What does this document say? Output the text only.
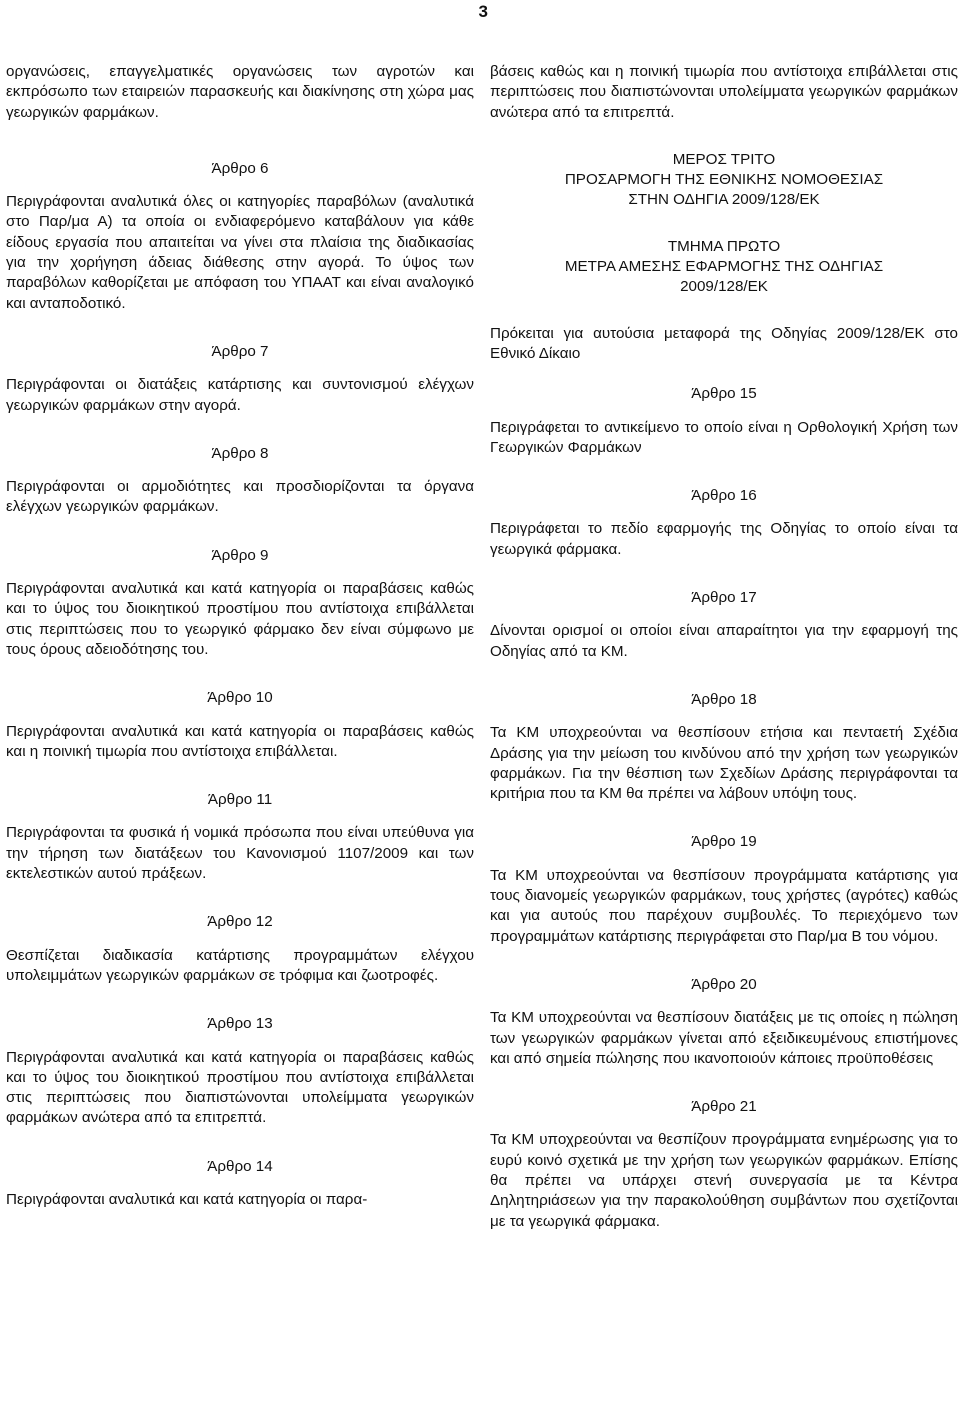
3

οργανώσεις, επαγγελματικές οργανώσεις των αγροτών και εκπρόσωπο των εταιρειών παρασκευής και διακίνησης στη χώρα μας γεωργικών φαρμάκων.

Άρθρο 6

Περιγράφονται αναλυτικά όλες οι κατηγορίες παραβόλων (αναλυτικά στο Παρ/μα Α) τα οποία οι ενδιαφερόμενο καταβάλουν για κάθε είδους εργασία που απαιτείται να γίνει στα πλαίσια της διαδικασίας για την χορήγηση άδειας διάθεσης στην αγορά. Το ύψος των παραβόλων καθορίζεται με απόφαση του ΥΠΑΑΤ και είναι αναλογικό και ανταποδοτικό.

Άρθρο 7

Περιγράφονται οι διατάξεις κατάρτισης και συντονισμού ελέγχων γεωργικών φαρμάκων στην αγορά.

Άρθρο 8

Περιγράφονται οι αρμοδιότητες και προσδιορίζονται τα όργανα ελέγχων γεωργικών φαρμάκων.

Άρθρο 9

Περιγράφονται αναλυτικά και κατά κατηγορία οι παραβάσεις καθώς και το ύψος του διοικητικού προστίμου που αντίστοιχα επιβάλλεται στις περιπτώσεις που το γεωργικό φάρμακο δεν είναι σύμφωνο με τους όρους αδειοδότησης του.

Άρθρο 10

Περιγράφονται αναλυτικά και κατά κατηγορία οι παραβάσεις καθώς και η ποινική τιμωρία που αντίστοιχα επιβάλλεται.

Άρθρο 11

Περιγράφονται τα φυσικά ή νομικά πρόσωπα που είναι υπεύθυνα για την τήρηση των διατάξεων του Κανονισμού 1107/2009 και των εκτελεστικών αυτού πράξεων.

Άρθρο 12

Θεσπίζεται διαδικασία κατάρτισης προγραμμάτων ελέγχου υπολειμμάτων γεωργικών φαρμάκων σε τρόφιμα και ζωοτροφές.

Άρθρο 13

Περιγράφονται αναλυτικά και κατά κατηγορία οι παραβάσεις καθώς και το ύψος του διοικητικού προστίμου που αντίστοιχα επιβάλλεται στις περιπτώσεις που διαπιστώνονται υπολείμματα γεωργικών φαρμάκων ανώτερα από τα επιτρεπτά.

Άρθρο 14

Περιγράφονται αναλυτικά και κατά κατηγορία οι παρα-

βάσεις καθώς και η ποινική τιμωρία που αντίστοιχα επιβάλλεται στις περιπτώσεις που διαπιστώνονται υπολείμματα γεωργικών φαρμάκων ανώτερα από τα επιτρεπτά.

ΜΕΡΟΣ ΤΡΙΤΟ
ΠΡΟΣΑΡΜΟΓΗ ΤΗΣ ΕΘΝΙΚΗΣ ΝΟΜΟΘΕΣΙΑΣ
ΣΤΗΝ ΟΔΗΓΙΑ 2009/128/ΕΚ
ΤΜΗΜΑ ΠΡΩΤΟ
ΜΕΤΡΑ ΑΜΕΣΗΣ ΕΦΑΡΜΟΓΗΣ ΤΗΣ ΟΔΗΓΙΑΣ
2009/128/ΕΚ

Πρόκειται για αυτούσια μεταφορά της Οδηγίας 2009/128/ΕΚ στο Εθνικό Δίκαιο

Άρθρο 15

Περιγράφεται το αντικείμενο το οποίο είναι η Ορθολογική Χρήση των Γεωργικών Φαρμάκων

Άρθρο 16

Περιγράφεται το πεδίο εφαρμογής της Οδηγίας το οποίο είναι τα γεωργικά φάρμακα.

Άρθρο 17

Δίνονται ορισμοί οι οποίοι είναι απαραίτητοι για την εφαρμογή της Οδηγίας από τα ΚΜ.

Άρθρο 18

Τα ΚΜ υποχρεούνται να θεσπίσουν ετήσια και πενταετή Σχέδια Δράσης για την μείωση του κινδύνου από την χρήση των γεωργικών φαρμάκων. Για την θέσπιση των Σχεδίων Δράσης περιγράφονται τα κριτήρια που τα ΚΜ θα πρέπει να λάβουν υπόψη τους.

Άρθρο 19

Τα ΚΜ υποχρεούνται να θεσπίσουν προγράμματα κατάρτισης για τους διανομείς γεωργικών φαρμάκων, τους χρήστες (αγρότες) καθώς και για αυτούς που παρέχουν συμβουλές. Το περιεχόμενο των προγραμμάτων κατάρτισης περιγράφεται στο Παρ/μα Β του νόμου.

Άρθρο 20

Τα ΚΜ υποχρεούνται να θεσπίσουν διατάξεις με τις οποίες η πώληση των γεωργικών φαρμάκων γίνεται από εξειδικευμένους επιστήμονες και από σημεία πώλησης που ικανοποιούν κάποιες προϋποθέσεις

Άρθρο 21

Τα ΚΜ υποχρεούνται να θεσπίζουν προγράμματα ενημέρωσης για το ευρύ κοινό σχετικά με την χρήση των γεωργικών φαρμάκων. Επίσης θα πρέπει να υπάρχει στενή συνεργασία με τα Κέντρα Δηλητηριάσεων για την παρακολούθηση συμβάντων που σχετίζονται με τα γεωργικά φάρμακα.
